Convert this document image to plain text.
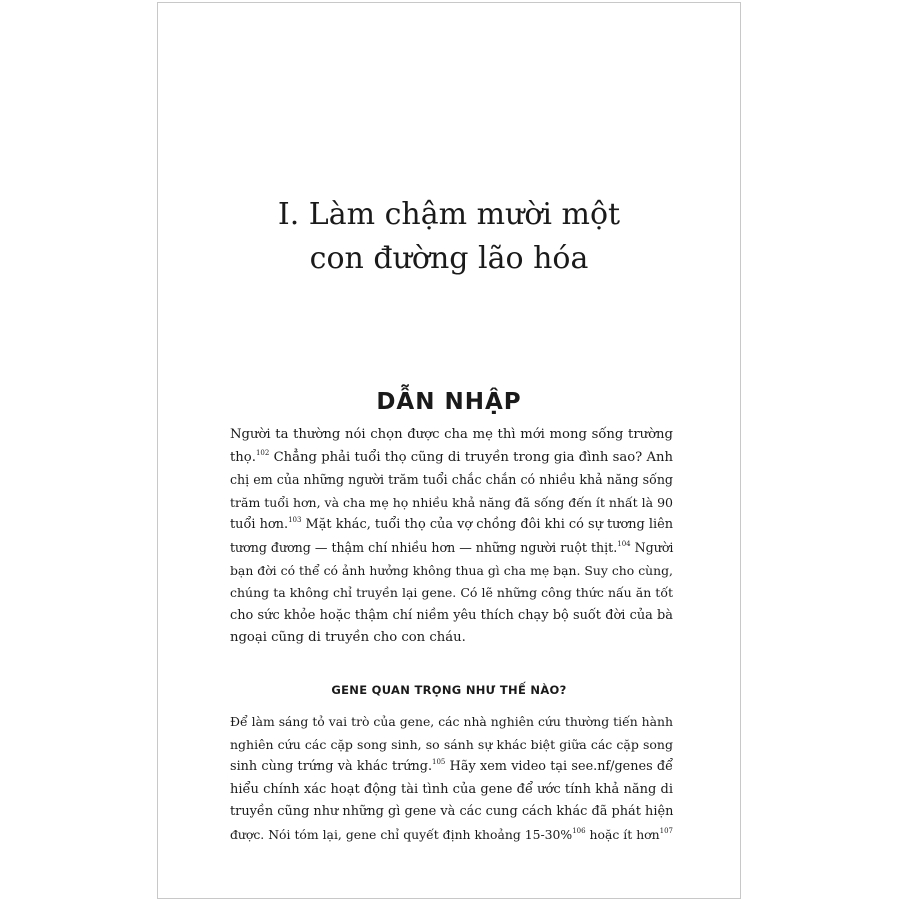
I. Làm chậm mười một
con đường lão hóa
DẪN NHẬP

Người ta thường nói chọn được cha mẹ thì mới mong sống trường
thọ.$^{102}$ Chẳng phải tuổi thọ cũng di truyền trong gia đình sao? Anh
chị em của những người trăm tuổi chắc chắn có nhiều khả năng sống
trăm tuổi hơn, và cha mẹ họ nhiều khả năng đã sống đến ít nhất là 90
tuổi hơn.$^{103}$ Mặt khác, tuổi thọ của vợ chồng đôi khi có sự tương liên
tương đương — thậm chí nhiều hơn — những người ruột thịt.$^{104}$ Người
bạn đời có thể có ảnh hưởng không thua gì cha mẹ bạn. Suy cho cùng,
chúng ta không chỉ truyền lại gene. Có lẽ những công thức nấu ăn tốt
cho sức khỏe hoặc thậm chí niềm yêu thích chạy bộ suốt đời của bà
ngoại cũng di truyền cho con cháu.

GENE QUAN TRỌNG NHƯ THẾ NÀO?

Để làm sáng tỏ vai trò của gene, các nhà nghiên cứu thường tiến hành
nghiên cứu các cặp song sinh, so sánh sự khác biệt giữa các cặp song
sinh cùng trứng và khác trứng.$^{105}$ Hãy xem video tại see.nf/genes để
hiểu chính xác hoạt động tài tình của gene để ước tính khả năng di
truyền cũng như những gì gene và các cung cách khác đã phát hiện
được. Nói tóm lại, gene chỉ quyết định khoảng 15-30%$^{106}$ hoặc ít hơn$^{107}$
